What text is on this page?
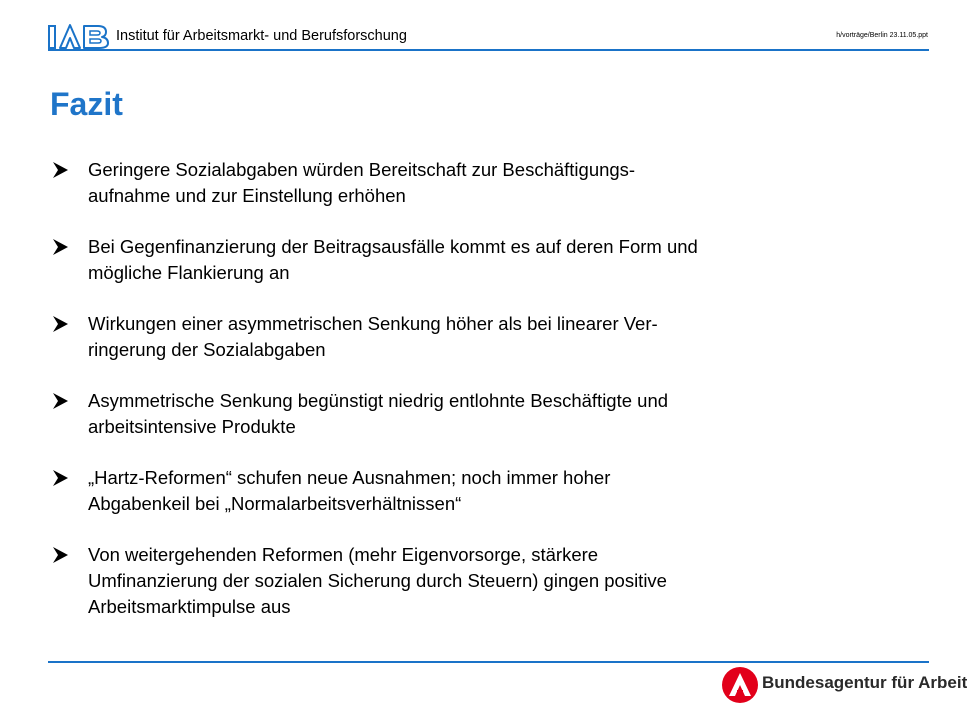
Institut für Arbeitsmarkt- und Berufsforschung	h/vorträge/Berlin 23.11.05.ppt
Fazit
Geringere Sozialabgaben würden Bereitschaft zur Beschäftigungs-
aufnahme und zur Einstellung erhöhen
Bei Gegenfinanzierung der Beitragsausfälle kommt es auf deren Form und
mögliche Flankierung an
Wirkungen einer asymmetrischen Senkung höher als bei linearer Ver-
ringerung der Sozialabgaben
Asymmetrische Senkung begünstigt niedrig entlohnte Beschäftigte und
arbeitsintensive Produkte
„Hartz-Reformen“ schufen neue Ausnahmen; noch immer hoher
Abgabenkeil bei „Normalarbeitsverhältnissen“
Von weitergehenden Reformen (mehr Eigenvorsorge, stärkere
Umfinanzierung der sozialen Sicherung durch Steuern) gingen positive
Arbeitsmarktimpulse aus
Bundesagentur für Arbeit
